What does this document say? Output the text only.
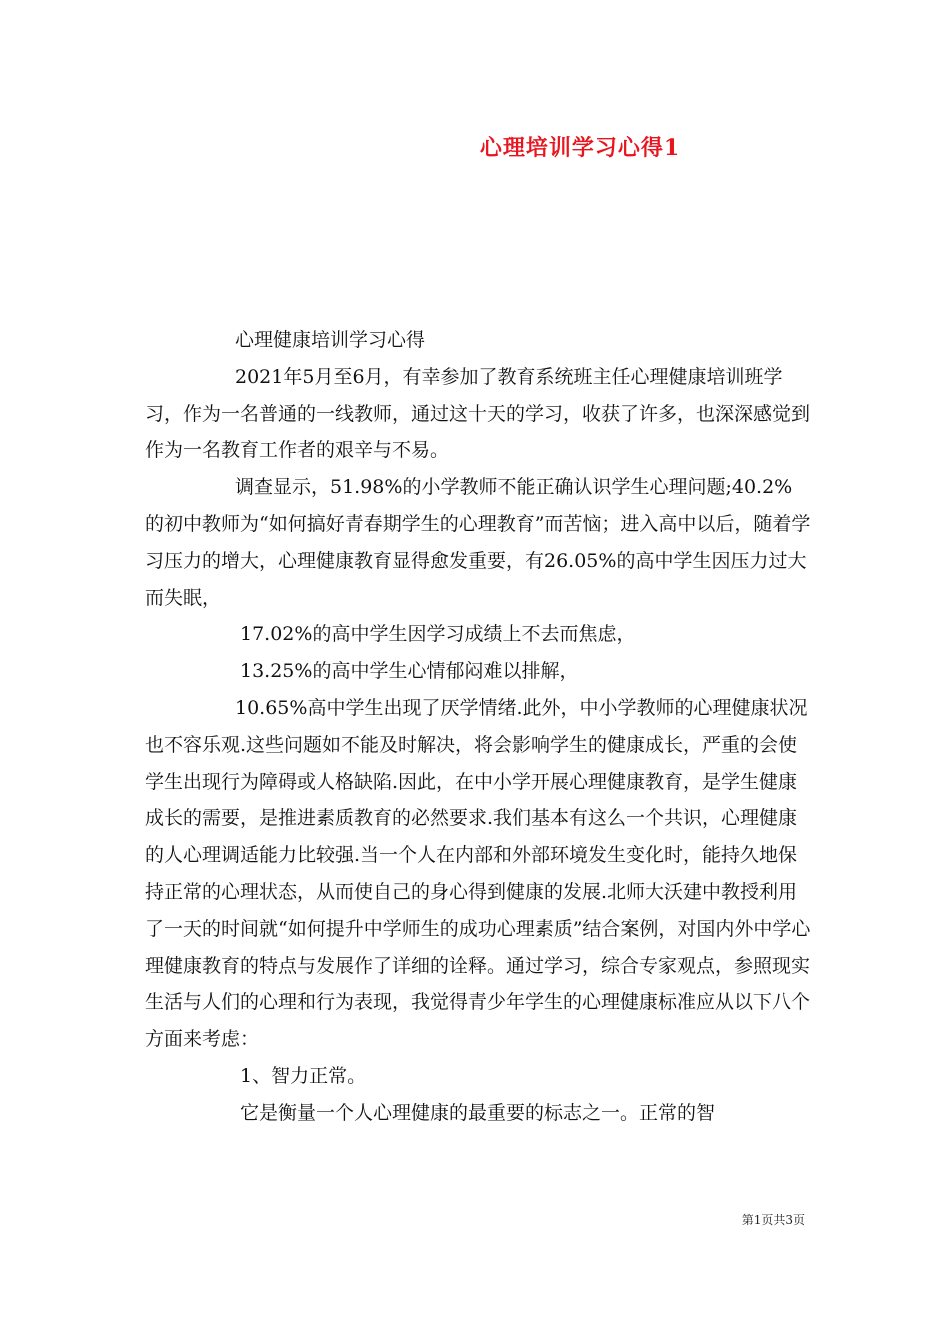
心理培训学习心得1

心理健康培训学习心得

2021年5月至6月，有幸参加了教育系统班主任心理健康培训班学习，作为一名普通的一线教师，通过这十天的学习，收获了许多，也深深感觉到作为一名教育工作者的艰辛与不易。

调查显示，51.98%的小学教师不能正确认识学生心理问题;40.2%的初中教师为“如何搞好青春期学生的心理教育”而苦恼；进入高中以后，随着学习压力的增大，心理健康教育显得愈发重要，有26.05%的高中学生因压力过大而失眠，

17.02%的高中学生因学习成绩上不去而焦虑，

13.25%的高中学生心情郁闷难以排解，

10.65%高中学生出现了厌学情绪.此外，中小学教师的心理健康状况也不容乐观.这些问题如不能及时解决，将会影响学生的健康成长，严重的会使学生出现行为障碍或人格缺陷.因此，在中小学开展心理健康教育，是学生健康成长的需要，是推进素质教育的必然要求.我们基本有这么一个共识，心理健康的人心理调适能力比较强.当一个人在内部和外部环境发生变化时，能持久地保持正常的心理状态，从而使自己的身心得到健康的发展.北师大沃建中教授利用了一天的时间就“如何提升中学师生的成功心理素质”结合案例，对国内外中学心理健康教育的特点与发展作了详细的诠释。通过学习，综合专家观点，参照现实生活与人们的心理和行为表现，我觉得青少年学生的心理健康标准应从以下八个方面来考虑：

1、智力正常。

它是衡量一个人心理健康的最重要的标志之一。正常的智

第1页共3页
